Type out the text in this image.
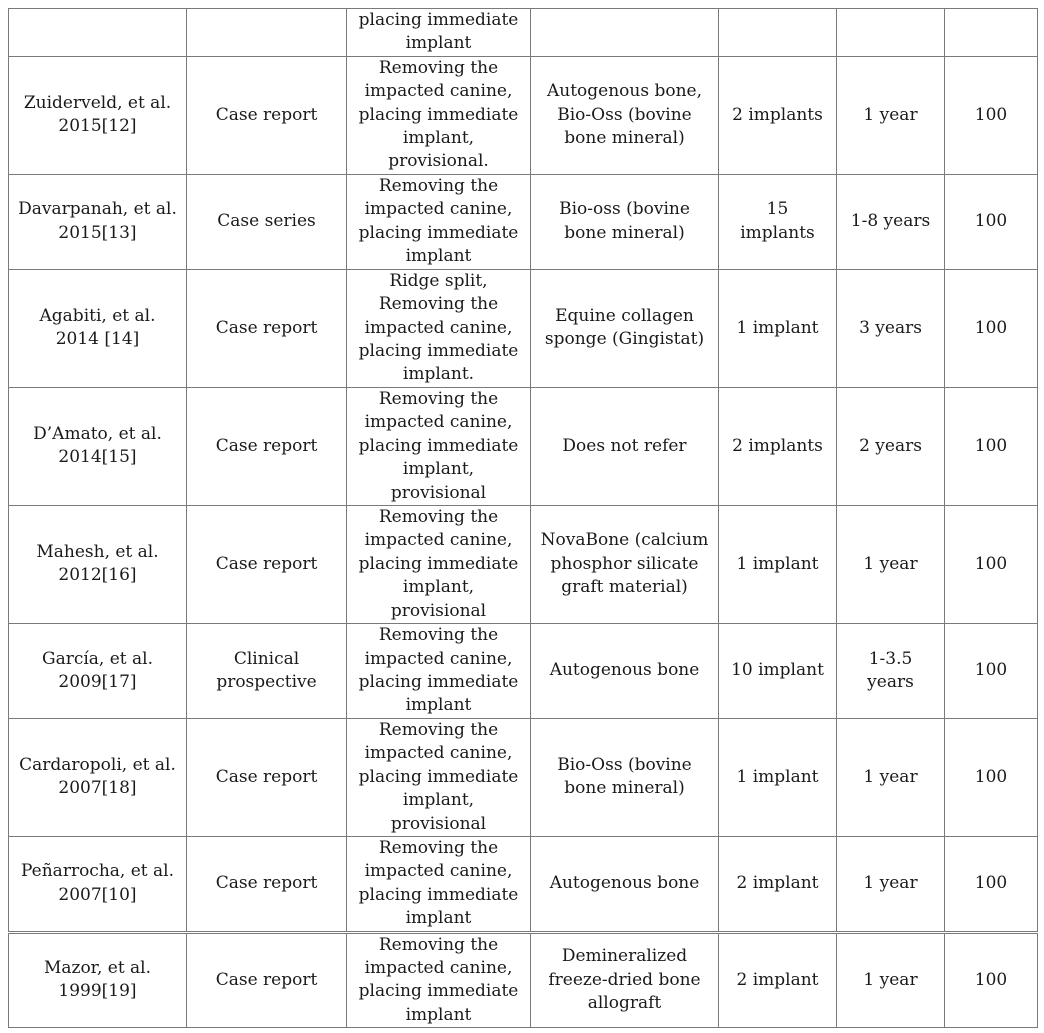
		placing immediate
implant				

Zuiderveld, et al.
2015[12]	Case report	Removing the
impacted canine,
placing immediate
implant,
provisional.	Autogenous bone,
Bio-Oss (bovine
bone mineral)	2 implants	1 year	100

Davarpanah, et al.
2015[13]	Case series	Removing the
impacted canine,
placing immediate
implant	Bio-oss (bovine
bone mineral)	15
implants	1-8 years	100

Agabiti, et al.
2014 [14]	Case report	Ridge split,
Removing the
impacted canine,
placing immediate
implant.	Equine collagen
sponge (Gingistat)	1 implant	3 years	100

D’Amato, et al.
2014[15]	Case report	Removing the
impacted canine,
placing immediate
implant,
provisional	Does not refer	2 implants	2 years	100

Mahesh, et al.
2012[16]	Case report	Removing the
impacted canine,
placing immediate
implant,
provisional	NovaBone (calcium
phosphor silicate
graft material)	1 implant	1 year	100

García, et al.
2009[17]	Clinical
prospective	Removing the
impacted canine,
placing immediate
implant	Autogenous bone	10 implant	1-3.5
years	100

Cardaropoli, et al.
2007[18]	Case report	Removing the
impacted canine,
placing immediate
implant,
provisional	Bio-Oss (bovine
bone mineral)	1 implant	1 year	100

Peñarrocha, et al.
2007[10]	Case report	Removing the
impacted canine,
placing immediate
implant	Autogenous bone	2 implant	1 year	100

Mazor, et al.
1999[19]	Case report	Removing the
impacted canine,
placing immediate
implant	Demineralized
freeze-dried bone
allograft	2 implant	1 year	100
